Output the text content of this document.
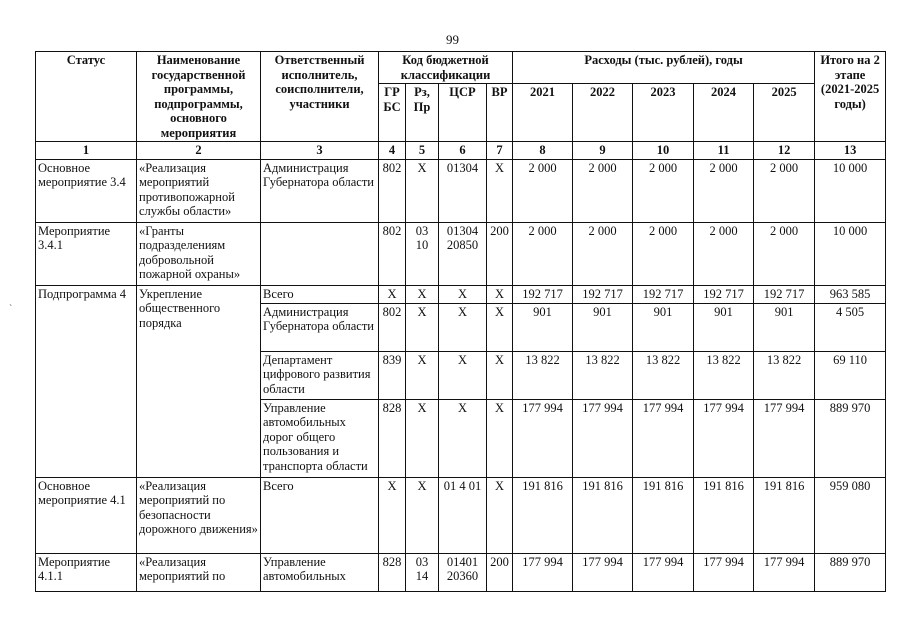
99
`
Статус	Наименование государственной программы, подпрограммы, основного мероприятия	Ответственный исполнитель, соисполнители, участники	Код бюджетной классификации				Расходы (тыс. рублей), годы					Итого на 2 этапе (2021-2025 годы)
			ГРБС	Рз, Пр	ЦСР	ВР	2021	2022	2023	2024	2025	
1	2	3	4	5	6	7	8	9	10	11	12	13
Основное мероприятие 3.4	«Реализация мероприятий противопожарной службы области»	Администрация Губернатора области	802	Х	01304	Х	2 000	2 000	2 000	2 000	2 000	10 000
Мероприятие 3.4.1	«Гранты подразделениям добровольной пожарной охраны»		802	03 10	01304 20850	200	2 000	2 000	2 000	2 000	2 000	10 000
Подпрограмма 4	Укрепление общественного порядка	Всего	Х	Х	Х	Х	192 717	192 717	192 717	192 717	192 717	963 585
		Администрация Губернатора области	802	Х	Х	Х	901	901	901	901	901	4 505
		Департамент цифрового развития области	839	Х	Х	Х	13 822	13 822	13 822	13 822	13 822	69 110
		Управление автомобильных дорог общего пользования и транспорта области	828	Х	Х	Х	177 994	177 994	177 994	177 994	177 994	889 970
Основное мероприятие 4.1	«Реализация мероприятий по безопасности дорожного движения»	Всего	Х	Х	01 4 01	Х	191 816	191 816	191 816	191 816	191 816	959 080
Мероприятие 4.1.1	«Реализация мероприятий по	Управление автомобильных	828	03 14	01401 20360	200	177 994	177 994	177 994	177 994	177 994	889 970
